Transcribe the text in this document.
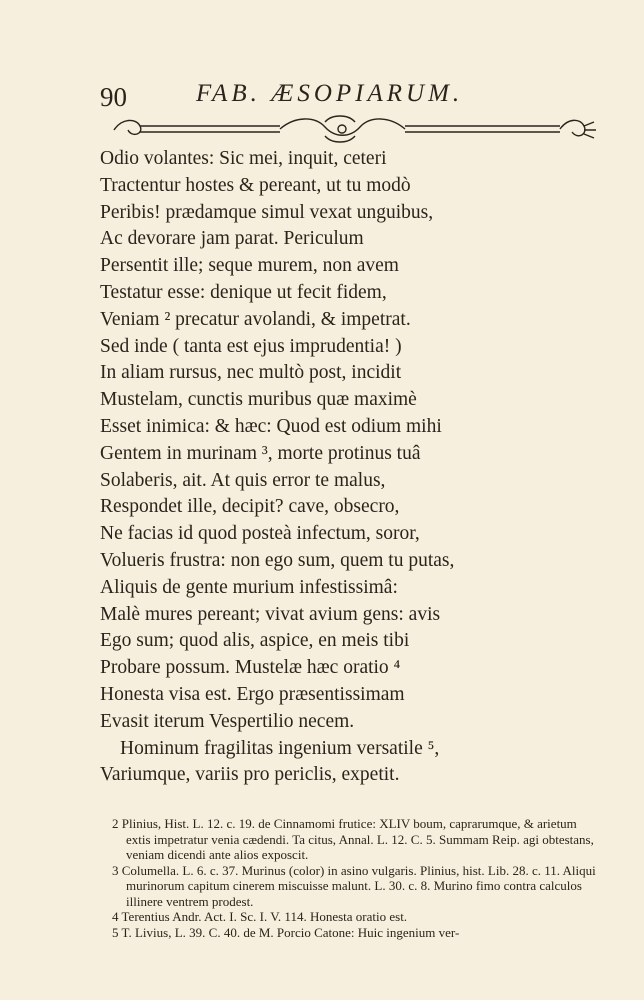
90	FAB. ÆSOPIARUM.
Odio volantes: Sic mei, inquit, ceteri
Tractentur hostes & pereant, ut tu modò
Peribis! prædamque simul vexat unguibus,
Ac devorare jam parat. Periculum
Persentit ille; seque murem, non avem
Testatur esse: denique ut fecit fidem,
Veniam ² precatur avolandi, & impetrat.
Sed inde ( tanta est ejus imprudentia! )
In aliam rursus, nec multò post, incidit
Mustelam, cunctis muribus quæ maximè
Esset inimica: & hæc: Quod est odium mihi
Gentem in murinam ³, morte protinus tuâ
Solaberis, ait. At quis error te malus,
Respondet ille, decipit? cave, obsecro,
Ne facias id quod posteà infectum, soror,
Volueris frustra: non ego sum, quem tu putas,
Aliquis de gente murium infestissimâ:
Malè mures pereant; vivat avium gens: avis
Ego sum; quod alis, aspice, en meis tibi
Probare possum. Mustelæ hæc oratio ⁴
Honesta visa est. Ergo præsentissimam
Evasit iterum Vespertilio necem.
Hominum fragilitas ingenium versatile ⁵,
Variumque, variis pro periclis, expetit.

2 Plinius, Hist. L. 12. c. 19. de Cinnamomi frutice: XLIV boum, caprarumque, & arietum extis impetratur venia cædendi. Ta citus, Annal. L. 12. C. 5. Summam Reip. agi obtestans, veniam dicendi ante alios exposcit.

3 Columella. L. 6. c. 37. Murinus (color) in asino vulgaris. Plinius, hist. Lib. 28. c. 11. Aliqui murinorum capitum cinerem miscuisse malunt. L. 30. c. 8. Murino fimo contra calculos illinere ventrem prodest.

4 Terentius Andr. Act. I. Sc. I. V. 114. Honesta oratio est.

5 T. Livius, L. 39. C. 40. de M. Porcio Catone: Huic ingenium ver-
